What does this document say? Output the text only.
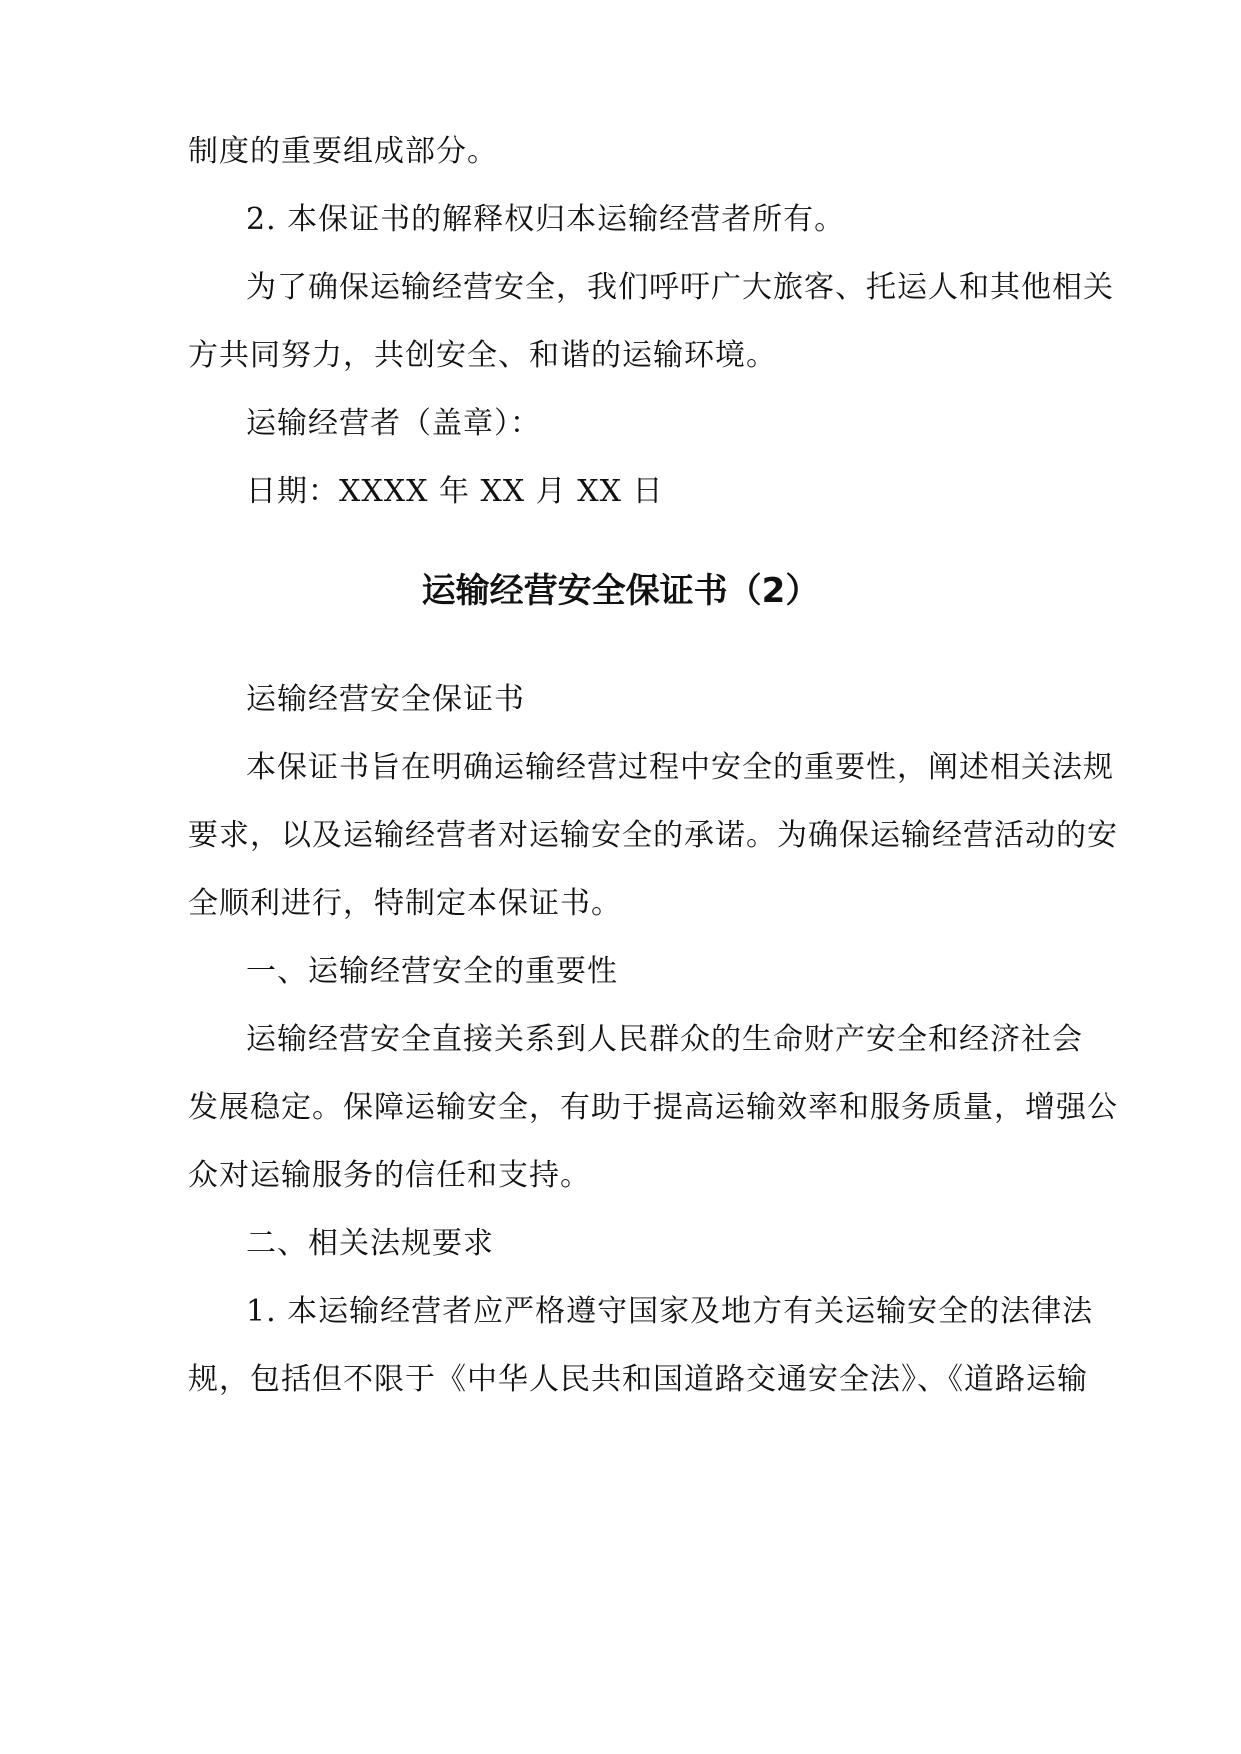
制度的重要组成部分。
2. 本保证书的解释权归本运输经营者所有。
为了确保运输经营安全，我们呼吁广大旅客、托运人和其他相关
方共同努力，共创安全、和谐的运输环境。
运输经营者（盖章）：
日期：XXXX 年 XX 月 XX 日
运输经营安全保证书（2）
运输经营安全保证书
本保证书旨在明确运输经营过程中安全的重要性，阐述相关法规
要求，以及运输经营者对运输安全的承诺。为确保运输经营活动的安
全顺利进行，特制定本保证书。
一、运输经营安全的重要性
运输经营安全直接关系到人民群众的生命财产安全和经济社会
发展稳定。保障运输安全，有助于提高运输效率和服务质量，增强公
众对运输服务的信任和支持。
二、相关法规要求
1. 本运输经营者应严格遵守国家及地方有关运输安全的法律法
规，包括但不限于《中华人民共和国道路交通安全法》、《道路运输
